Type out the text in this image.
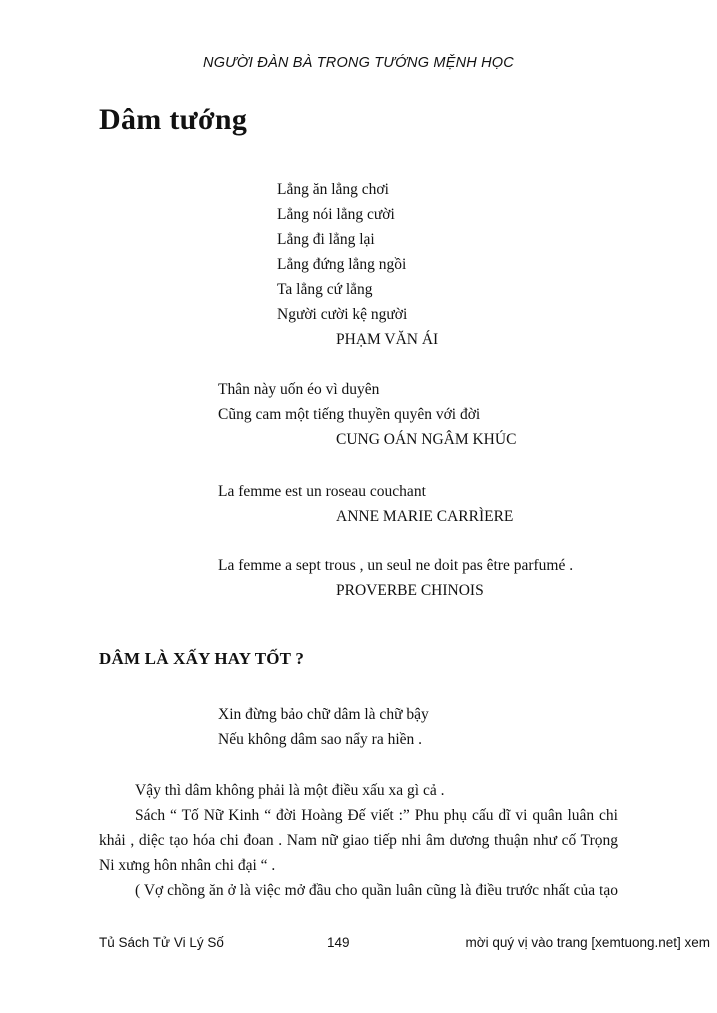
NGƯỜI ĐÀN BÀ TRONG TƯỚNG MỆNH HỌC
Dâm tướng
Lẳng ăn lẳng chơi
Lẳng nói lẳng cười
Lẳng đi lẳng lại
Lẳng đứng lẳng ngồi
Ta lẳng cứ lẳng
Người cười kệ người
PHẠM VĂN ÁI
Thân này uốn éo vì duyên
Cũng cam một tiếng thuyền quyên với đời
CUNG OÁN NGÂM KHÚC
La femme est un roseau couchant
ANNE MARIE CARRÌERE
La femme a sept trous , un seul ne doit pas être parfumé .
PROVERBE CHINOIS
DÂM LÀ XẤY HAY TỐT ?
Xin đừng bảo chữ dâm là chữ bậy
Nếu không dâm sao nẩy ra hiền .
Vậy thì dâm không phải là một điều xấu xa gì cả .
Sách “ Tố Nữ Kinh “ đời Hoàng Đế viết :” Phu phụ cấu dĩ vi quân luân chi
khải , diệc tạo hóa chi đoan . Nam nữ giao tiếp nhi âm dương thuận như cố Trọng
Ni xưng hôn nhân chi đại “ .
( Vợ chồng ăn ở là việc mở đầu cho quần luân cũng là điều trước nhất của tạo
Tủ Sách Tử Vi Lý Số	149	mời quý vị vào trang [xemtuong.net] xem
